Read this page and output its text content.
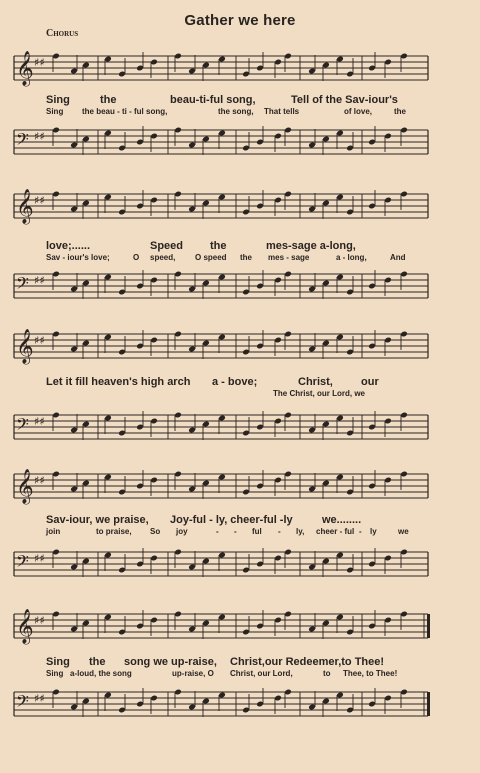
Gather we here
Chorus
𝄞 ♯♯
Sing	the	beau-ti-ful song,	Tell of the Sav-iour's
Sing the beau - ti - ful song,	the song, That tells	of love,	the
𝄢 ♯♯
𝄞 ♯♯
love;......	Speed the	mes-sage a-long,
Sav - iour's love;	O speed, O speed the mes - sage	a - long,	And
𝄢 ♯♯
𝄞 ♯♯
Let it fill heaven's high arch a - bove;	Christ,	our
The Christ, our Lord, we
𝄢 ♯♯
𝄞 ♯♯
Sav-iour, we praise, Joy-ful - ly, cheer-ful -ly	we........
join	to praise, So joy	- - ful - ly, cheer - ful - ly	we
𝄢 ♯♯
𝄞 ♯♯
Sing the song we up-raise, Christ,our Redeemer,to Thee!
Sing a-loud, the song	up-raise, O Christ, our Lord,	to Thee, to Thee!
𝄢 ♯♯
